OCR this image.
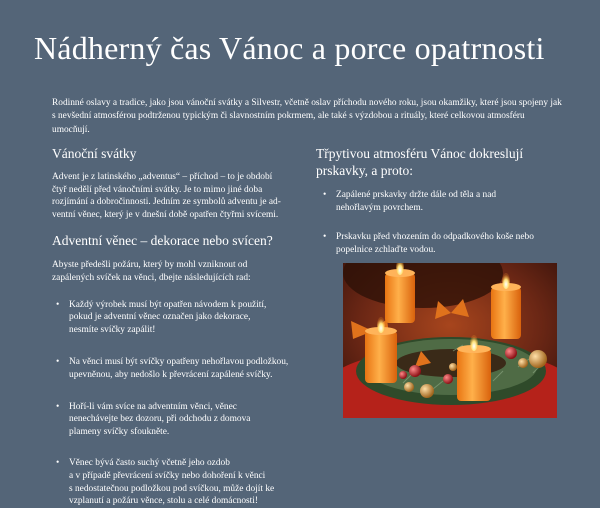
Nádherný čas Vánoc a porce opatrnosti

Rodinné oslavy a tradice, jako jsou vánoční svátky a Silvestr, včetně oslav příchodu nového roku, jsou okamžiky, které jsou spojeny jak s nevšední atmosférou podtrženou typickým či slavnostním pokrmem, ale také s výzdobou a rituály, které celkovou atmosféru umocňují.

Vánoční svátky

Advent je z latinského „adventus“ – příchod – to je období

čtyř nedělí před vánočními svátky. Je to mimo jiné doba

rozjímání a dobročinnosti. Jedním ze symbolů adventu je ad-

ventní věnec, který je v dnešní době opatřen čtyřmi svícemi.

Adventní věnec – dekorace nebo svícen?

Abyste předešli požáru, který by mohl vzniknout od

zapálených svíček na věnci, dbejte následujících rad:

• Každý výrobek musí být opatřen návodem k použití,
pokud je adventní věnec označen jako dekorace,
nesmíte svíčky zapálit!
• Na věnci musí být svíčky opatřeny nehořlavou podložkou,
upevněnou, aby nedošlo k převrácení zapálené svíčky.
• Hoří-li vám svíce na adventním věnci, věnec
nenechávejte bez dozoru, při odchodu z domova
plameny svíčky sfoukněte.
• Věnec bývá často suchý včetně jeho ozdob
a v případě převrácení svíčky nebo dohoření k věnci
s nedostatečnou podložkou pod svíčkou, může dojít ke
vzplanutí a požáru věnce, stolu a celé domácnosti!
Třpytivou atmosféru Vánoc dokreslují
prskavky, a proto:
• Zapálené prskavky držte dále od těla a nad
nehořlavým povrchem.
• Prskavku před vhozením do odpadkového koše nebo
popelnice zchlaďte vodou.
